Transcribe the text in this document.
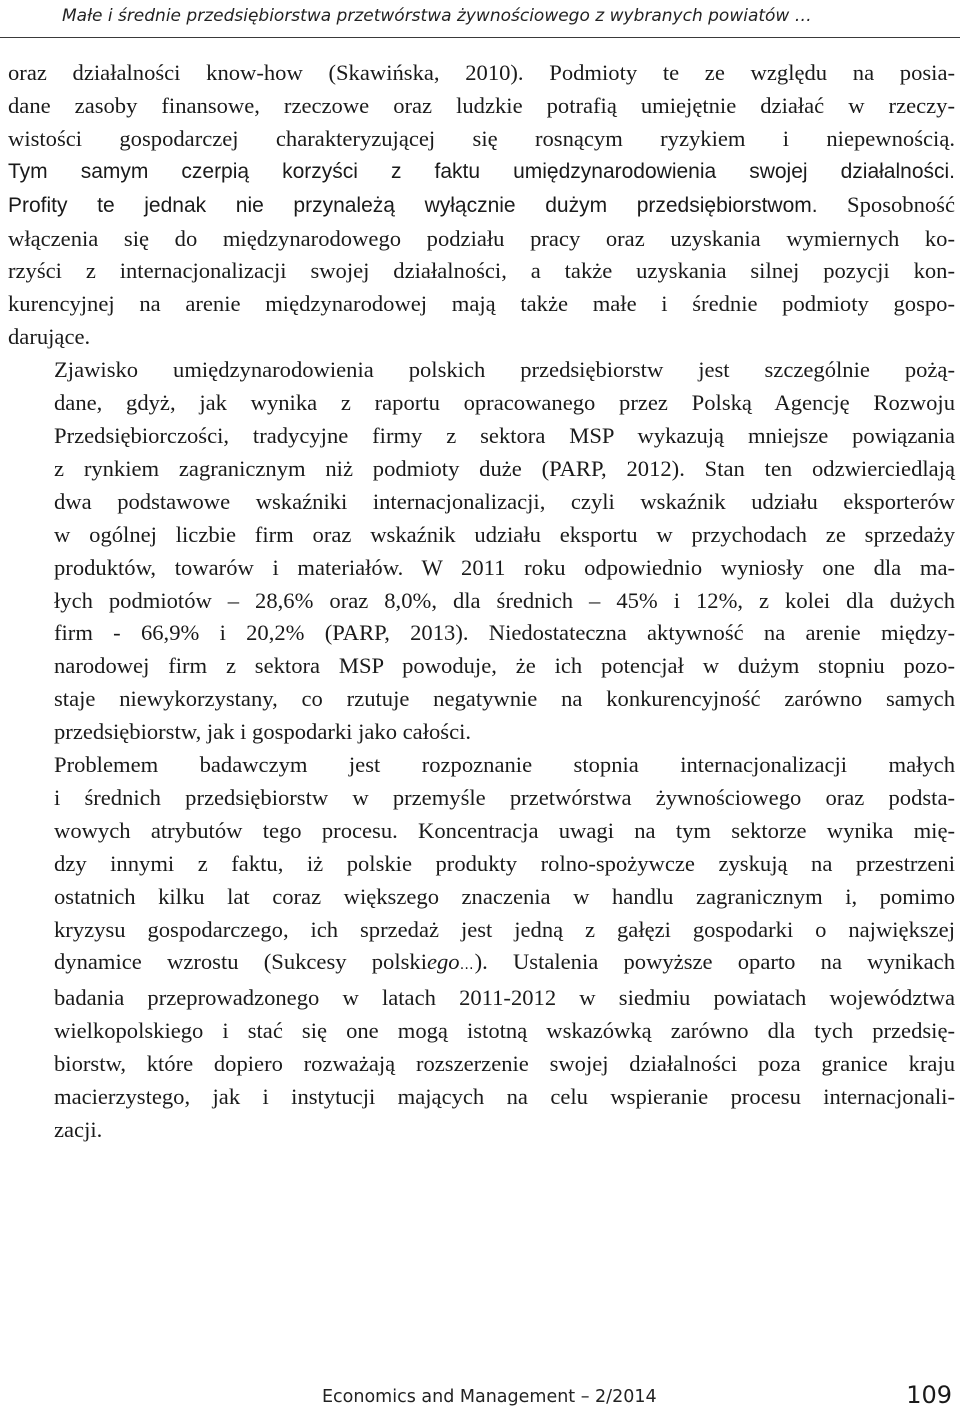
Małe i średnie przedsiębiorstwa przetwórstwa żywnościowego z wybranych powiatów …

oraz działalności know-how (Skawińska, 2010). Podmioty te ze względu na posia-
dane zasoby finansowe, rzeczowe oraz ludzkie potrafią umiejętnie działać w rzeczy-
wistości gospodarczej charakteryzującej się rosnącym ryzykiem i niepewnością.
Tym samym czerpią korzyści z faktu umiędzynarodowienia swojej działalności.
Profity te jednak nie przynależą wyłącznie dużym przedsiębiorstwom. Sposobność
włączenia się do międzynarodowego podziału pracy oraz uzyskania wymiernych ko-
rzyści z internacjonalizacji swojej działalności, a także uzyskania silnej pozycji kon-
kurencyjnej na arenie międzynarodowej mają także małe i średnie podmioty gospo-
darujące.

Zjawisko umiędzynarodowienia polskich przedsiębiorstw jest szczególnie pożą-
dane, gdyż, jak wynika z raportu opracowanego przez Polską Agencję Rozwoju
Przedsiębiorczości, tradycyjne firmy z sektora MSP wykazują mniejsze powiązania
z rynkiem zagranicznym niż podmioty duże (PARP, 2012). Stan ten odzwierciedlają
dwa podstawowe wskaźniki internacjonalizacji, czyli wskaźnik udziału eksporterów
w ogólnej liczbie firm oraz wskaźnik udziału eksportu w przychodach ze sprzedaży
produktów, towarów i materiałów. W 2011 roku odpowiednio wyniosły one dla ma-
łych podmiotów – 28,6% oraz 8,0%, dla średnich – 45% i 12%, z kolei dla dużych
firm - 66,9% i 20,2% (PARP, 2013). Niedostateczna aktywność na arenie między-
narodowej firm z sektora MSP powoduje, że ich potencjał w dużym stopniu pozo-
staje niewykorzystany, co rzutuje negatywnie na konkurencyjność zarówno samych
przedsiębiorstw, jak i gospodarki jako całości.

Problemem badawczym jest rozpoznanie stopnia internacjonalizacji małych
i średnich przedsiębiorstw w przemyśle przetwórstwa żywnościowego oraz podsta-
wowych atrybutów tego procesu. Koncentracja uwagi na tym sektorze wynika mię-
dzy innymi z faktu, iż polskie produkty rolno-spożywcze zyskują na przestrzeni
ostatnich kilku lat coraz większego znaczenia w handlu zagranicznym i, pomimo
kryzysu gospodarczego, ich sprzedaż jest jedną z gałęzi gospodarki o największej
dynamice wzrostu (Sukcesy polskiego…). Ustalenia powyższe oparto na wynikach
badania przeprowadzonego w latach 2011-2012 w siedmiu powiatach województwa
wielkopolskiego i stać się one mogą istotną wskazówką zarówno dla tych przedsię-
biorstw, które dopiero rozważają rozszerzenie swojej działalności poza granice kraju
macierzystego, jak i instytucji mających na celu wspieranie procesu internacjonali-
zacji.

Economics and Management – 2/2014	109
